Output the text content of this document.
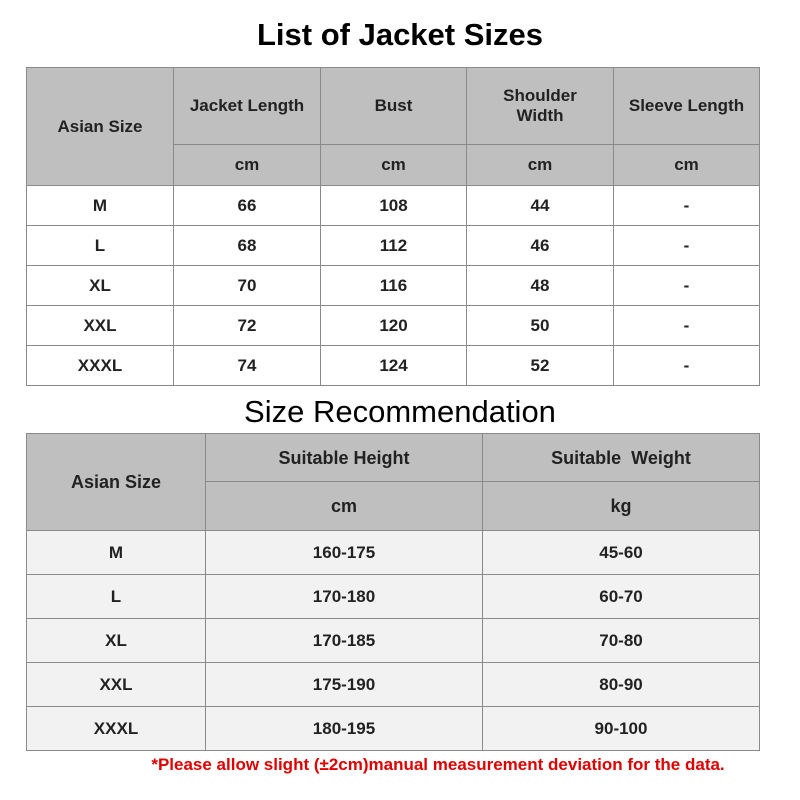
List of Jacket Sizes
Asian Size	Jacket Length	Bust	Shoulder Width	Sleeve Length
	cm	cm	cm	cm
M	66	108	44	-
L	68	112	46	-
XL	70	116	48	-
XXL	72	120	50	-
XXXL	74	124	52	-
Size Recommendation
Asian Size	Suitable Height	Suitable  Weight
	cm	kg
M	160-175	45-60
L	170-180	60-70
XL	170-185	70-80
XXL	175-190	80-90
XXXL	180-195	90-100
*Please allow slight (±2cm)manual measurement deviation for the data.
